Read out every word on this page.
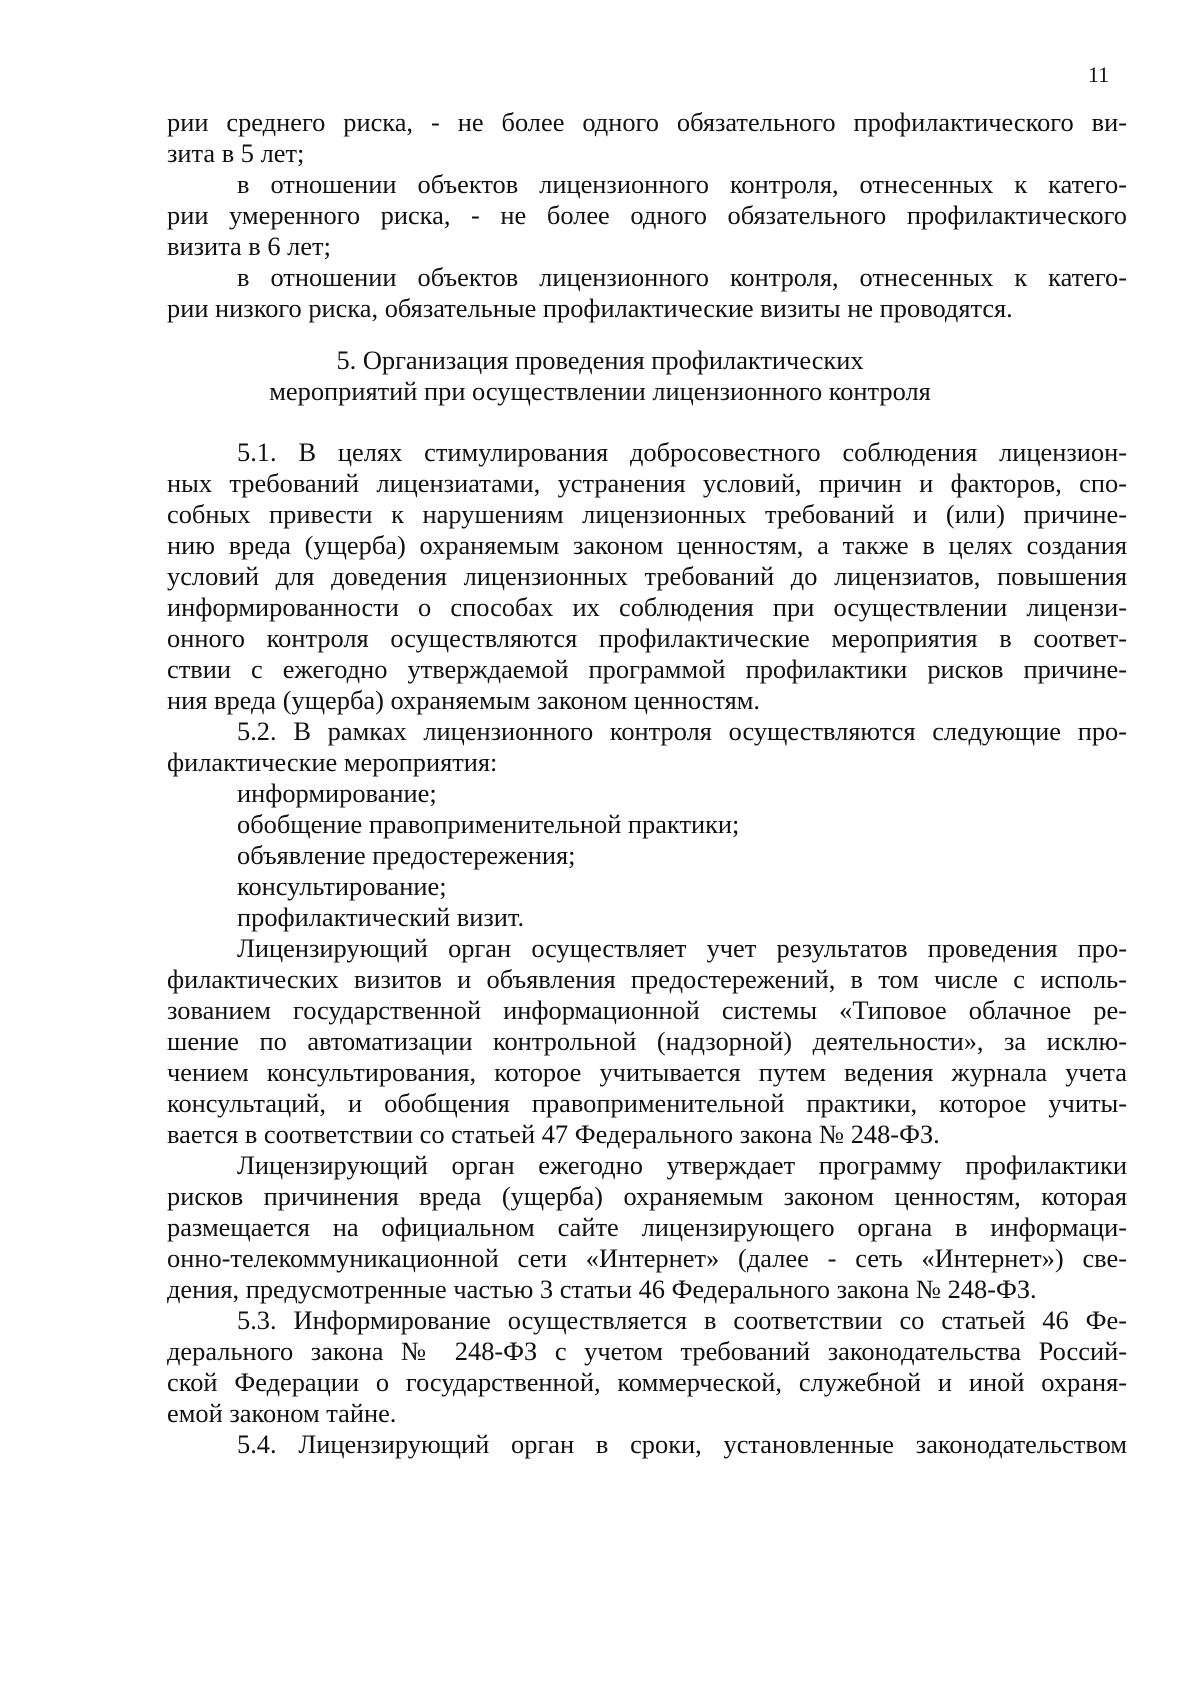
11
рии среднего риска, - не более одного обязательного профилактического ви-
зита в 5 лет;
в отношении объектов лицензионного контроля, отнесенных к катего-
рии умеренного риска, - не более одного обязательного профилактического
визита в 6 лет;
в отношении объектов лицензионного контроля, отнесенных к катего-
рии низкого риска, обязательные профилактические визиты не проводятся.
5. Организация проведения профилактических
мероприятий при осуществлении лицензионного контроля
5.1. В целях стимулирования добросовестного соблюдения лицензион-
ных требований лицензиатами, устранения условий, причин и факторов, спо-
собных привести к нарушениям лицензионных требований и (или) причине-
нию вреда (ущерба) охраняемым законом ценностям, а также в целях создания
условий для доведения лицензионных требований до лицензиатов, повышения
информированности о способах их соблюдения при осуществлении лицензи-
онного контроля осуществляются профилактические мероприятия в соответ-
ствии с ежегодно утверждаемой программой профилактики рисков причине-
ния вреда (ущерба) охраняемым законом ценностям.
5.2. В рамках лицензионного контроля осуществляются следующие про-
филактические мероприятия:
информирование;
обобщение правоприменительной практики;
объявление предостережения;
консультирование;
профилактический визит.
Лицензирующий орган осуществляет учет результатов проведения про-
филактических визитов и объявления предостережений, в том числе с исполь-
зованием государственной информационной системы «Типовое облачное ре-
шение по автоматизации контрольной (надзорной) деятельности», за исклю-
чением консультирования, которое учитывается путем ведения журнала учета
консультаций, и обобщения правоприменительной практики, которое учиты-
вается в соответствии со статьей 47 Федерального закона № 248-ФЗ.
Лицензирующий орган ежегодно утверждает программу профилактики
рисков причинения вреда (ущерба) охраняемым законом ценностям, которая
размещается на официальном сайте лицензирующего органа в информаци-
онно-телекоммуникационной сети «Интернет» (далее - сеть «Интернет») све-
дения, предусмотренные частью 3 статьи 46 Федерального закона № 248-ФЗ.
5.3. Информирование осуществляется в соответствии со статьей 46 Фе-
дерального закона № 248-ФЗ с учетом требований законодательства Россий-
ской Федерации о государственной, коммерческой, служебной и иной охраня-
емой законом тайне.
5.4. Лицензирующий орган в сроки, установленные законодательством
